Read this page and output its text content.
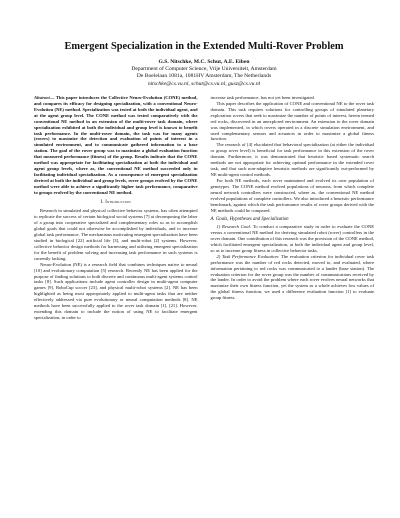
Emergent Specialization in the Extended Multi-Rover Problem
G.S. Nitschke, M.C. Schut, A.E. Eiben
Department of Computer Science, Vrije Universiteit, Amsterdam
De Boelelaan 1081a, 1081HV Amsterdam, The Netherlands
nitschke@cs.vu.nl, schut@cs.vu.nl, gusz@cs.vu.nl

Abstract— This paper introduces the Collective Neuro-Evolution (CONE) method, and compares its efficacy for designing specialization, with a conventional Neuro-Evolution (NE) method. Specialization was tested at both the individual agent, and at the agent group level. The CONE method was tested comparatively with the conventional NE method in an extension of the multi-rover task domain, where specialization exhibited at both the individual and group level is known to benefit task performance. In the multi-rover domain, the task was for many agents (rovers) to maximize the detection and evaluation of points of interest in a simulated environment, and to communicate gathered information to a base station. The goal of the rover group was to maximize a global evaluation function that measured performance (fitness) of the group. Results indicate that the CONE method was appropriate for facilitating specialization at both the individual and agent group levels, where as, the conventional NE method succeeded only in facilitating individual specialization. As a consequence of emergent specialization derived at both the individual and group levels, rover groups evolved by the CONE method were able to achieve a significantly higher task performance, comparative to groups evolved by the conventional NE method.

I. Introduction

Research in simulated and physical collective behavior systems, has often attempted to replicate the success of certain biological social systems [7] at decomposing the labor of a group into cooperative specialized and complementary roles so as to accomplish global goals that could not otherwise be accomplished by individuals, and to increase global task performance. The mechanisms motivating emergent specialization have been studied in biological [22] artificial life [3], and multi-robot [2] systems. However, collective behavior design methods for harnessing and utilizing emergent specialization for the benefit of problem solving and increasing task performance in such systems is currently lacking.

Neuro-Evolution (NE) is a research field that combines techniques native to neural [10] and evolutionary computation [5] research. Recently NE has been applied for the purpose of finding solutions to both discrete and continuous multi-agent systems control tasks [8]. Such applications include agent controller design in multi-agent computer games [9], RoboCup soccer [23], and physical multi-robot systems [2]. NE has been highlighted as being most appropriately applied to multi-agent tasks that are neither effectively addressed via pure evolutionary or neural computation methods [8]. NE methods have been successfully applied to the rover task domain [1], [21]. However, extending this domain to include the notion of using NE to facilitate emergent specialization, in order to

increase task performance, has not yet been investigated.

This paper describes the application of CONE and conventional NE to the rover task domain. This task requires solutions for controlling groups of simulated planetary exploration rovers that seek to maximize the number of points of interest, herein termed red rocks, discovered in an unexplored environment. An extension to the rover domain was implemented, in which rovers operated in a discrete simulation environment, and used complementary sensors and actuators in order to maximize a global fitness function.

The research of [4] elucidated that behavioral specialization (at either the individual or group rover level) is beneficial for task performance in this extension of the rover domain. Furthermore, it was demonstrated that heuristic based systematic search methods are not appropriate for achieving optimal performance in the extended rover task, and that such non-adaptive heuristic methods are significantly out-performed by NE multi-agent control methods.

For both NE methods, each rover maintained and evolved its own population of genotypes. The CONE method evolved populations of neurons, from which complete neural network controllers were constructed, where as, the conventional NE method evolved populations of complete controllers. We also introduced a heuristic performance benchmark, against which the task performance results of rover groups derived with the NE methods could be compared.

A. Goals, Hypotheses and Specialization

1) Research Goal: To conduct a comparative study in order to evaluate the CONE versus a conventional NE method for deriving simulated robot (rover) controllers in the rover domain. One contribution of this research was the provision of the CONE method, which facilitated emergent specialization, at both the individual agent and group level, so as to increase group fitness in collective behavior tasks.

2) Task Performance Evaluation: The evaluation criterion for individual rover task performance was the number of red rocks detected, moved to, and evaluated, where information pertaining to red rocks was communicated to a lander (base station). The evaluation criterion for the rover group was the number of communications received by the lander. In order to avoid the problem where each rover evolves neural networks that maximize their own fitness function, yet the system as a whole achieves low values of the global fitness function, we used a difference evaluation function [1] to evaluate group fitness.
